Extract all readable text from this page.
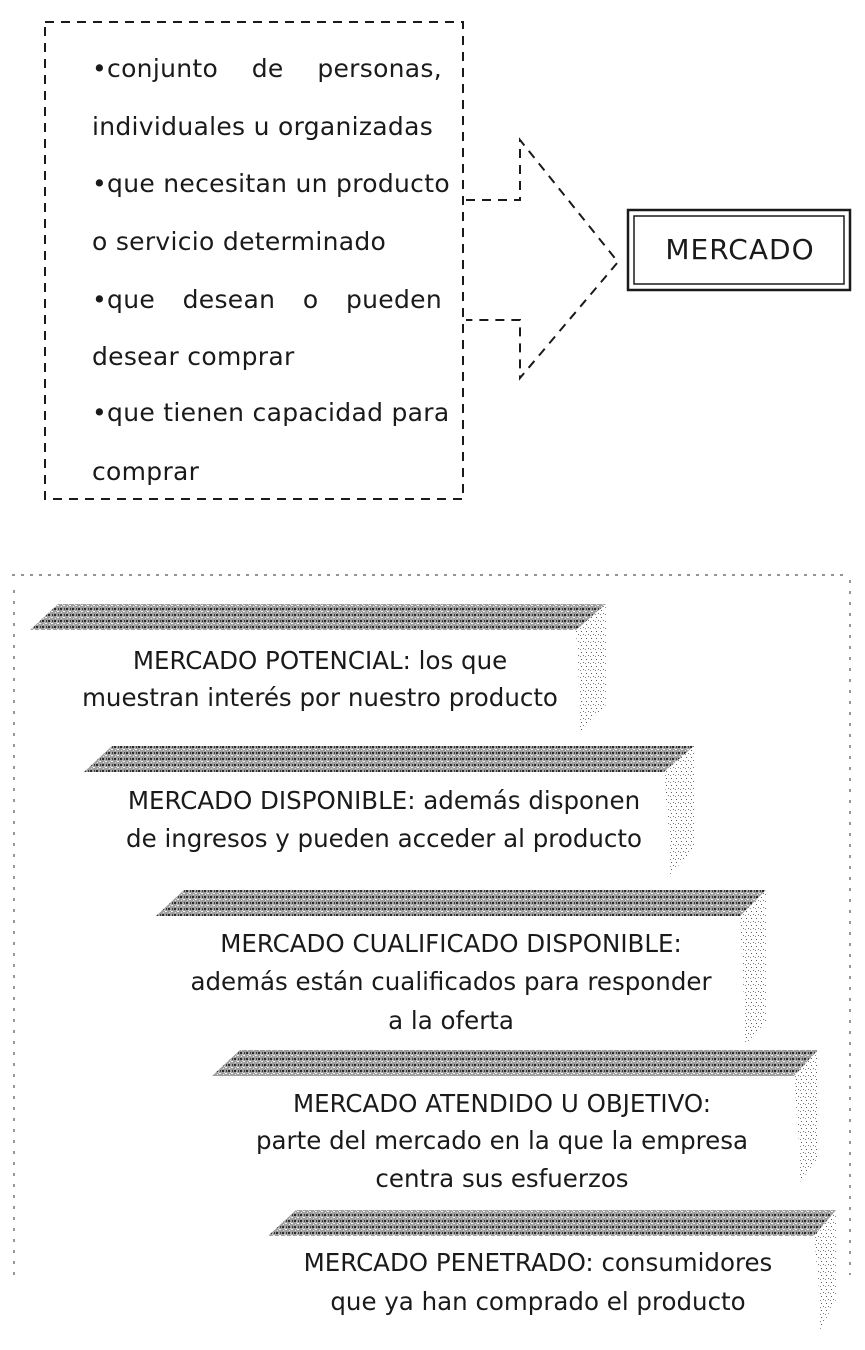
•conjunto de personas,
individuales u organizadas
•que necesitan un producto
o servicio determinado
•que desean o pueden
desear comprar
•que tienen capacidad para
comprar
MERCADO
MERCADO POTENCIAL: los que
muestran interés por nuestro producto
MERCADO DISPONIBLE: además disponen
de ingresos y pueden acceder al producto
MERCADO CUALIFICADO DISPONIBLE:
además están cualificados para responder
a la oferta
MERCADO ATENDIDO U OBJETIVO:
parte del mercado en la que la empresa
centra sus esfuerzos
MERCADO PENETRADO: consumidores
que ya han comprado el producto
